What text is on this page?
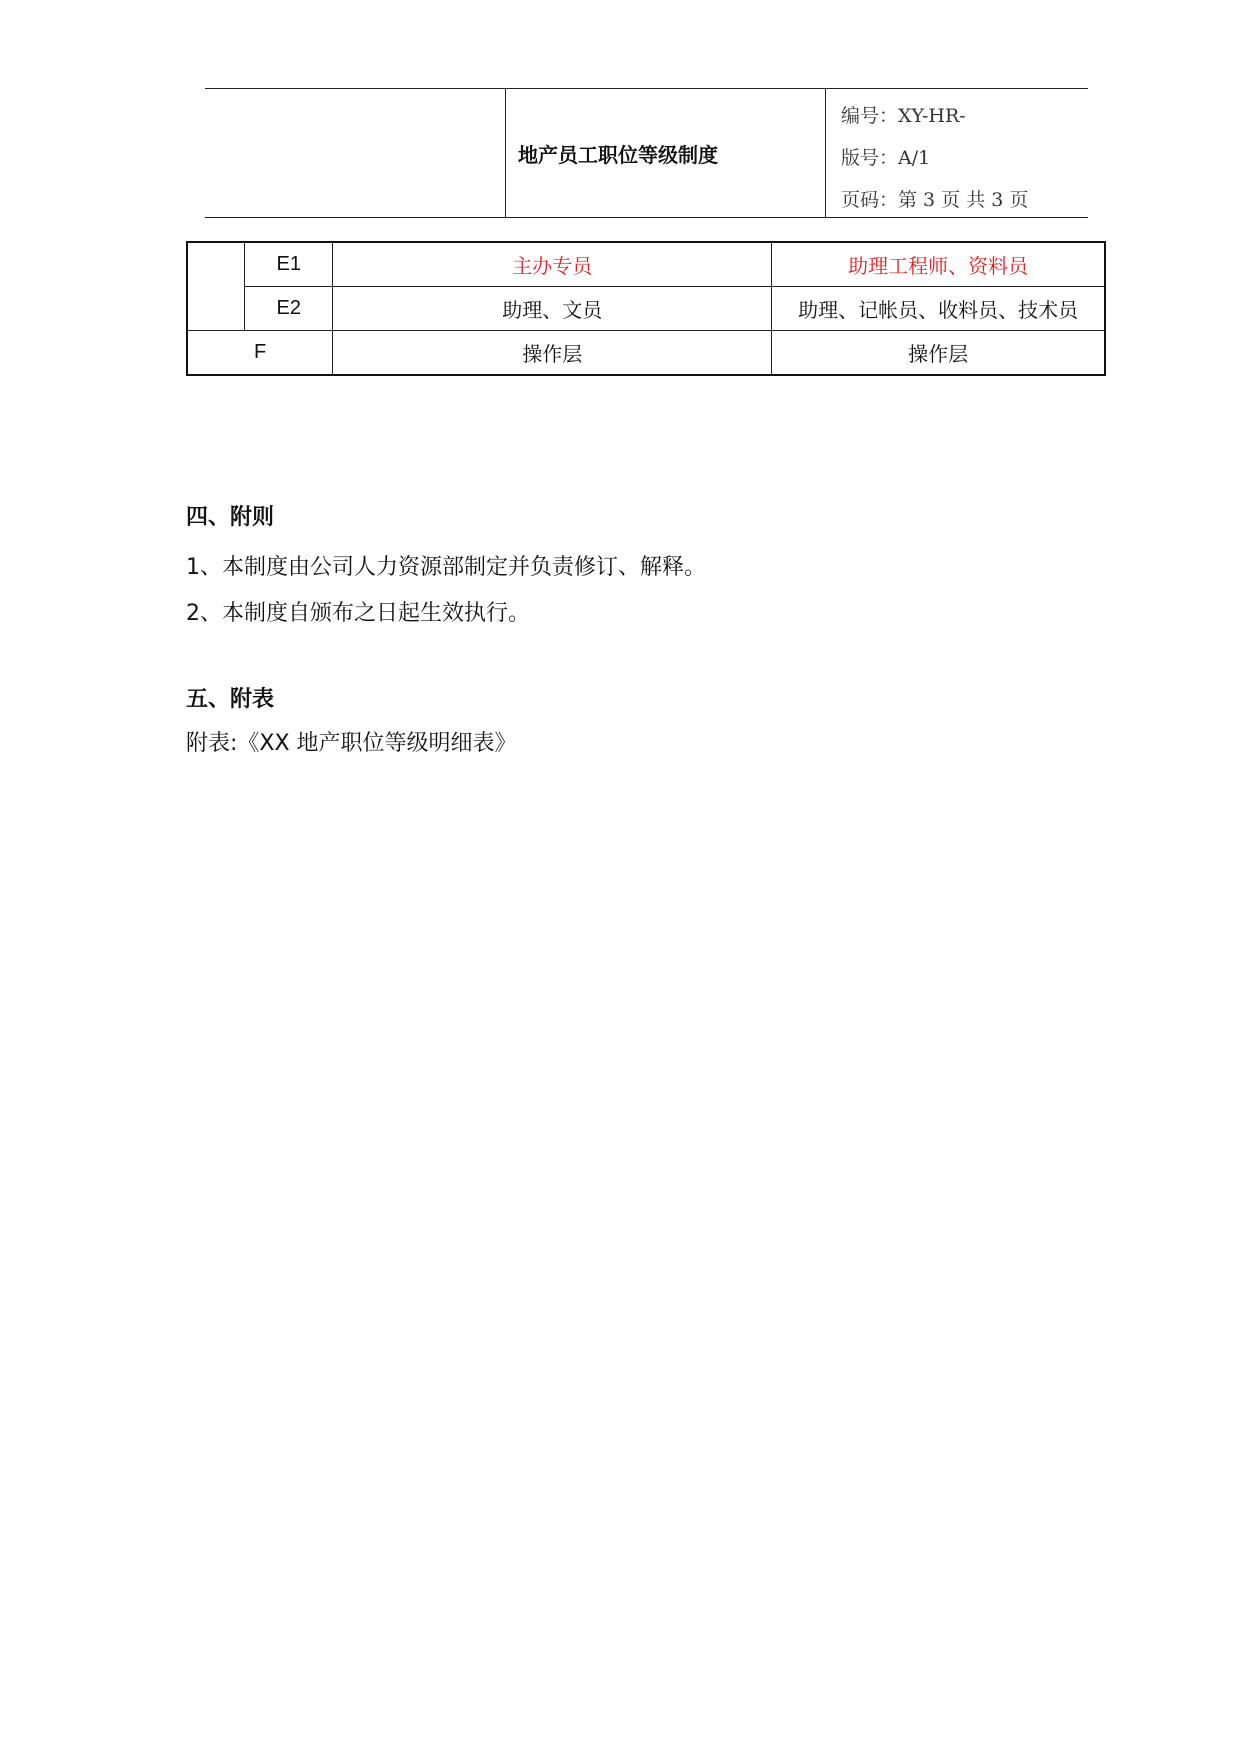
地产员工职位等级制度
编号：XY-HR-
版号：A/1
页码：第 3 页 共 3 页
	E1	主办专员	助理工程师、资料员
	E2	助理、文员	助理、记帐员、收料员、技术员
F		操作层	操作层
四、附则
1、本制度由公司人力资源部制定并负责修订、解释。
2、本制度自颁布之日起生效执行。
五、附表
附表:《XX 地产职位等级明细表》
